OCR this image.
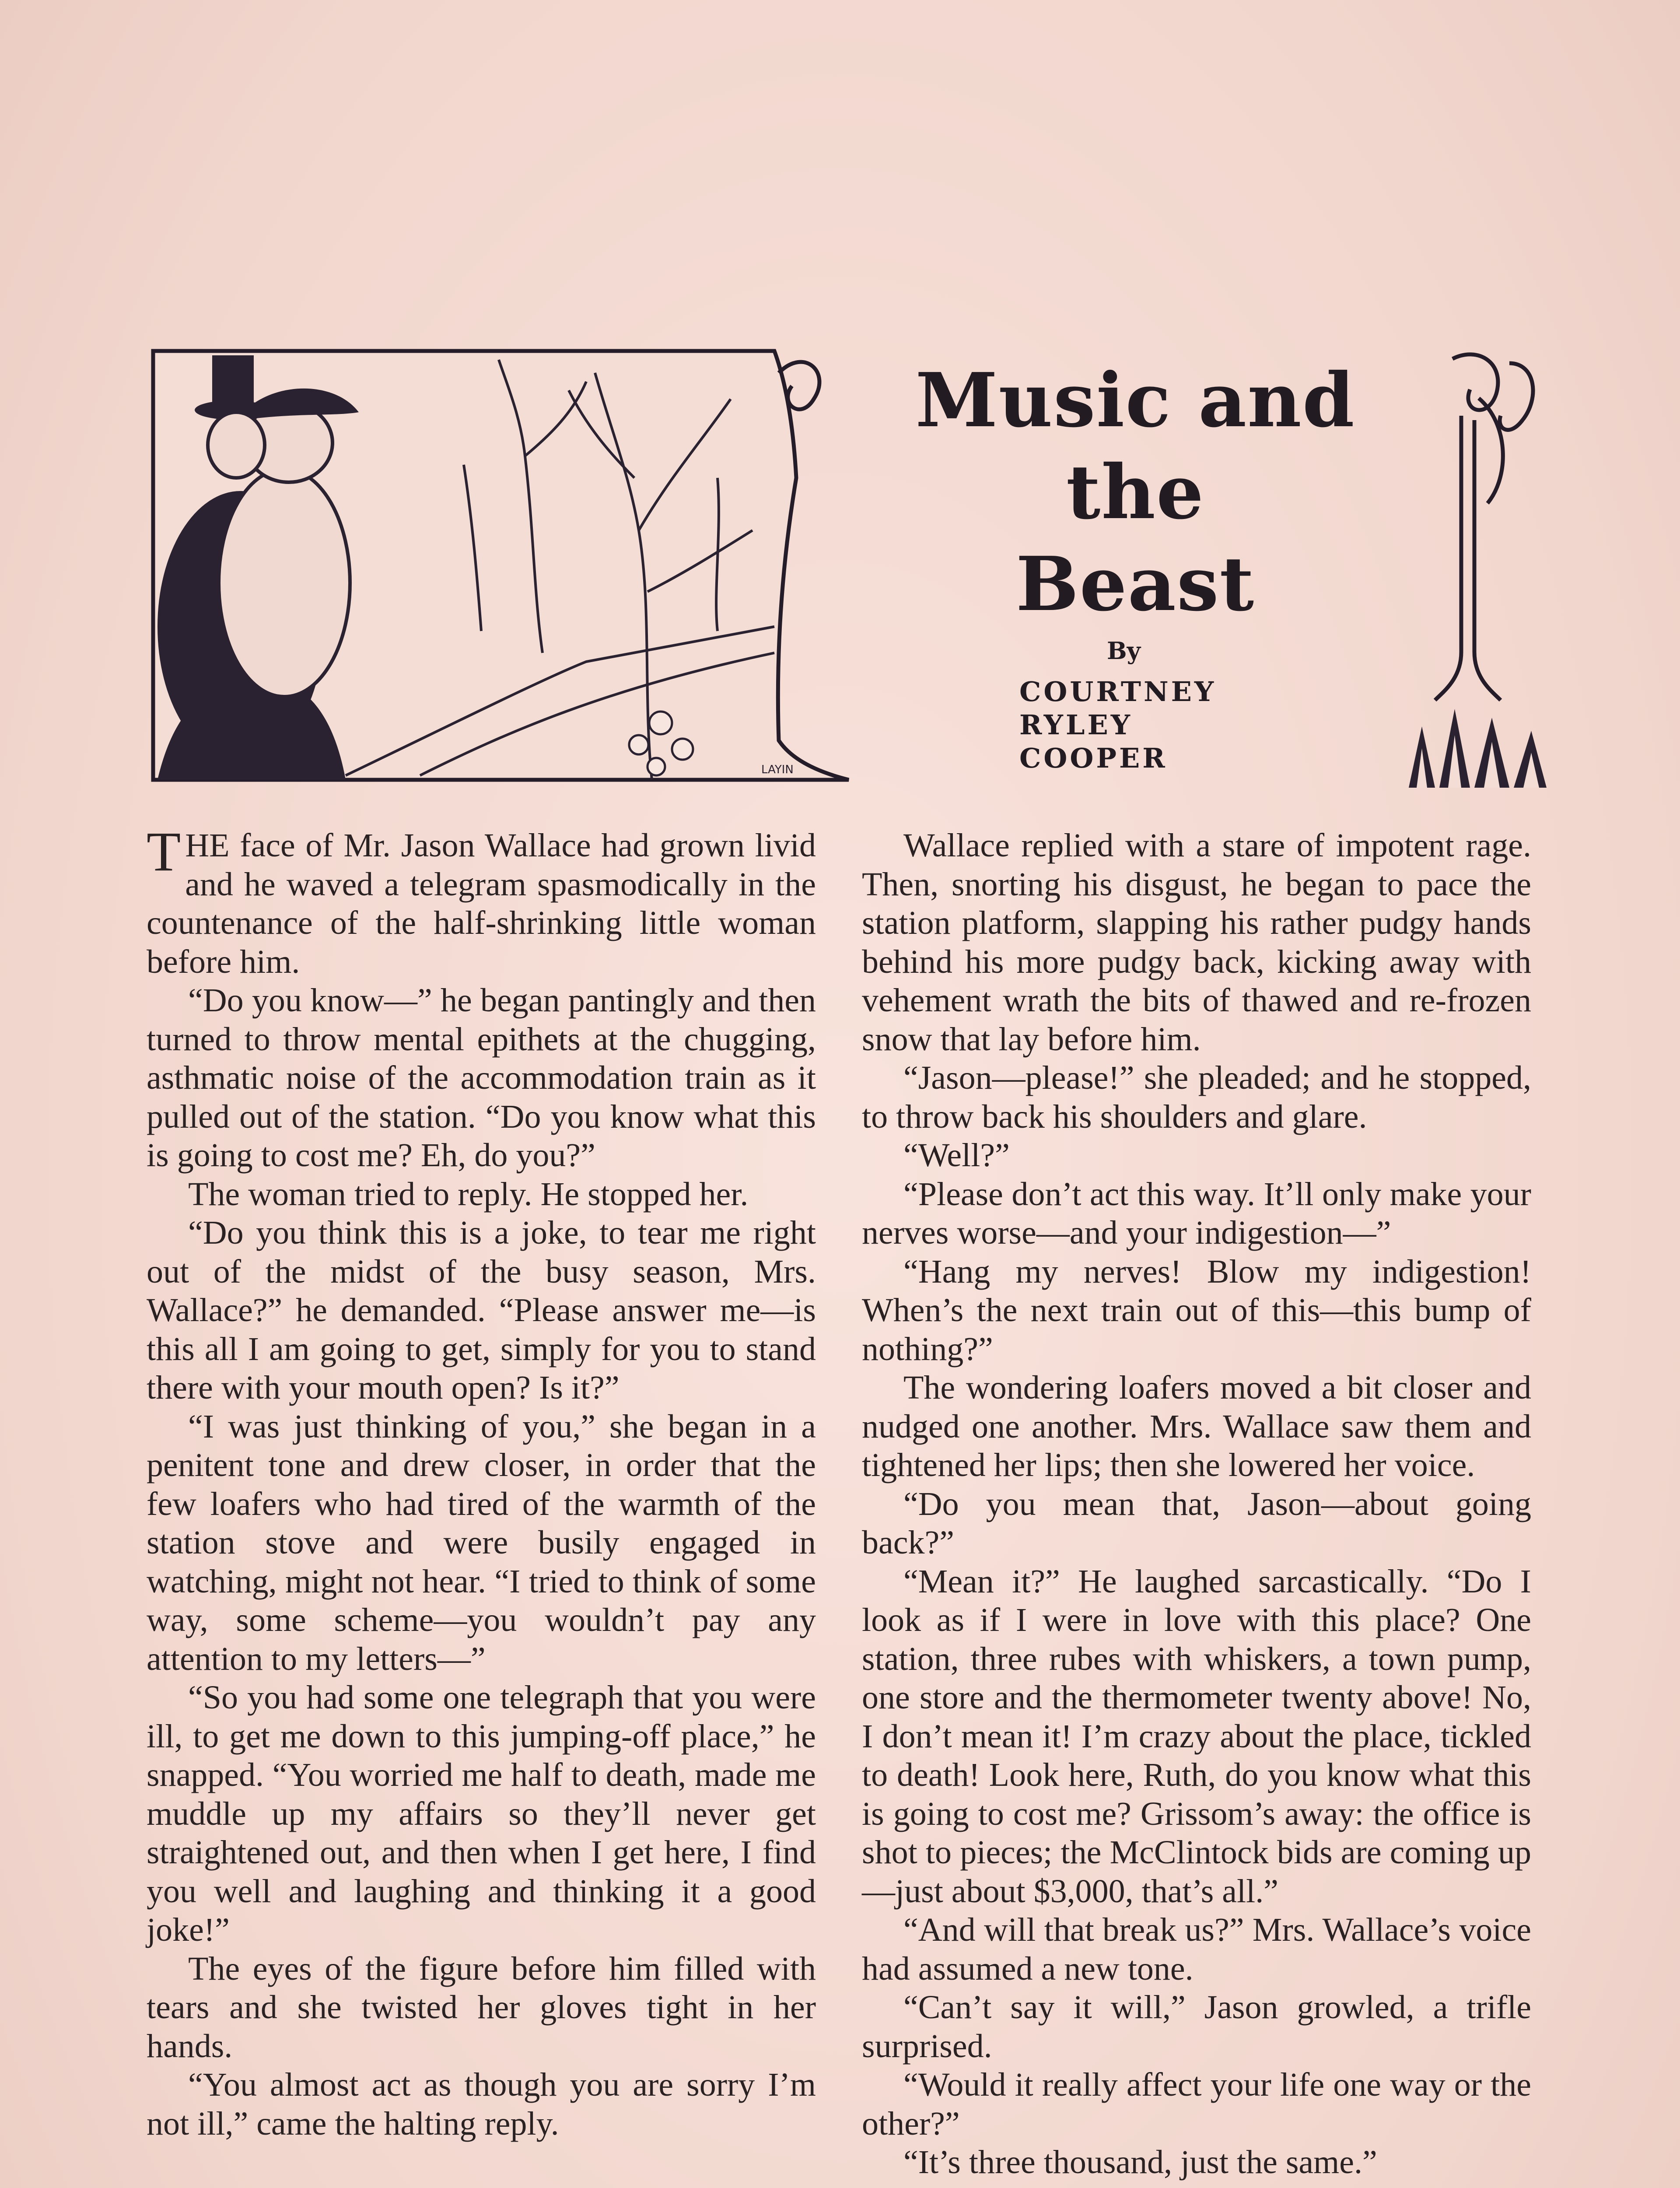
LAYIN
Music and the
Beast
By
COURTNEY
RYLEY
COOPER

THE face of Mr. Jason Wallace had grown livid and he waved a telegram spasmodically in the countenance of the half-shrinking little woman before him.

“Do you know—” he began pantingly and then turned to throw mental epithets at the chugging, asthmatic noise of the accommodation train as it pulled out of the station. “Do you know what this is going to cost me? Eh, do you?”

The woman tried to reply. He stopped her.

“Do you think this is a joke, to tear me right out of the midst of the busy season, Mrs. Wallace?” he demanded. “Please answer me—is this all I am going to get, simply for you to stand there with your mouth open? Is it?”

“I was just thinking of you,” she began in a penitent tone and drew closer, in order that the few loafers who had tired of the warmth of the station stove and were busily engaged in watching, might not hear. “I tried to think of some way, some scheme—you wouldn’t pay any attention to my letters—”

“So you had some one telegraph that you were ill, to get me down to this jumping-off place,” he snapped. “You worried me half to death, made me muddle up my affairs so they’ll never get straightened out, and then when I get here, I find you well and laughing and thinking it a good joke!”

The eyes of the figure before him filled with tears and she twisted her gloves tight in her hands.

“You almost act as though you are sorry I’m not ill,” came the halting reply.

Wallace replied with a stare of impotent rage. Then, snorting his disgust, he began to pace the station platform, slapping his rather pudgy hands behind his more pudgy back, kicking away with vehement wrath the bits of thawed and re-frozen snow that lay before him.

“Jason—please!” she pleaded; and he stopped, to throw back his shoulders and glare.

“Well?”

“Please don’t act this way. It’ll only make your nerves worse—and your indigestion—”

“Hang my nerves! Blow my indigestion! When’s the next train out of this—this bump of nothing?”

The wondering loafers moved a bit closer and nudged one another. Mrs. Wallace saw them and tightened her lips; then she lowered her voice.

“Do you mean that, Jason—about going back?”

“Mean it?” He laughed sarcastically. “Do I look as if I were in love with this place? One station, three rubes with whiskers, a town pump, one store and the thermometer twenty above! No, I don’t mean it! I’m crazy about the place, tickled to death! Look here, Ruth, do you know what this is going to cost me? Grissom’s away: the office is shot to pieces; the McClintock bids are coming up—just about $3,000, that’s all.”

“And will that break us?” Mrs. Wallace’s voice had assumed a new tone.

“Can’t say it will,” Jason growled, a trifle surprised.

“Would it really affect your life one way or the other?”

“It’s three thousand, just the same.”
